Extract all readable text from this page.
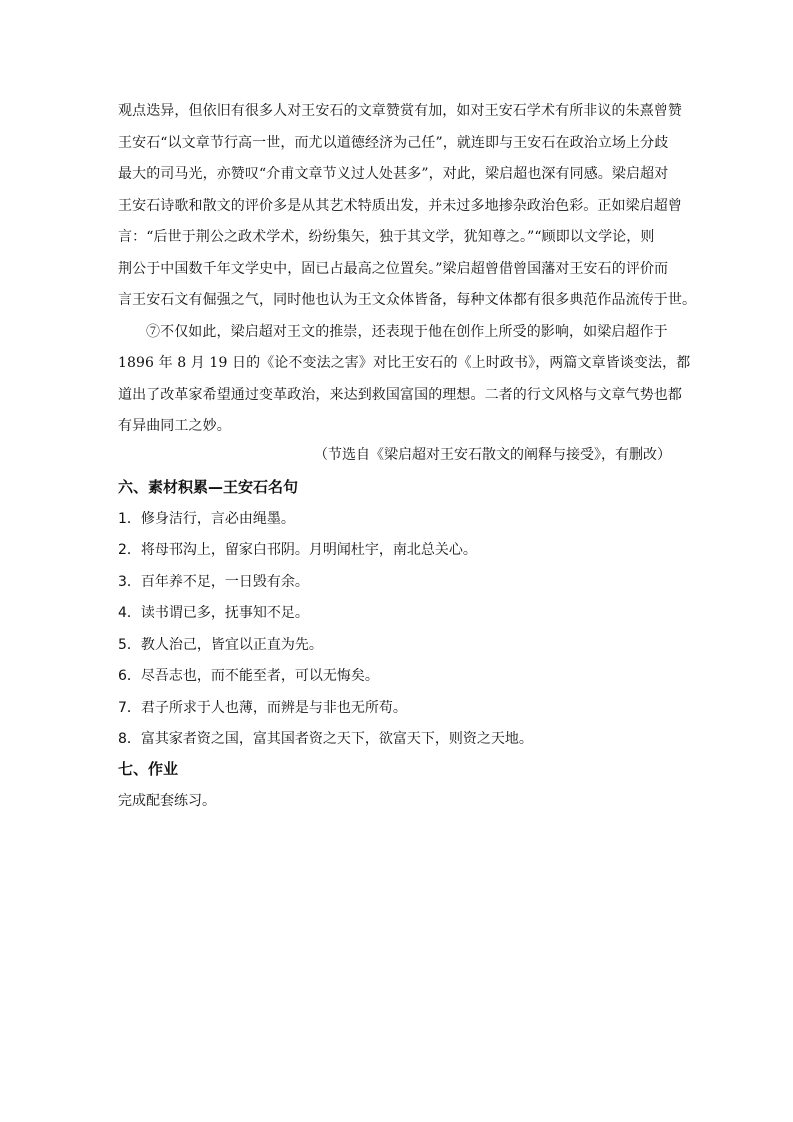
观点迭异，但依旧有很多人对王安石的文章赞赏有加，如对王安石学术有所非议的朱熹曾赞
王安石“以文章节行高一世，而尤以道德经济为己任”，就连即与王安石在政治立场上分歧
最大的司马光，亦赞叹“介甫文章节义过人处甚多”，对此，梁启超也深有同感。梁启超对
王安石诗歌和散文的评价多是从其艺术特质出发，并未过多地掺杂政治色彩。正如梁启超曾
言：“后世于荆公之政术学术，纷纷集矢，独于其文学，犹知尊之。”“顾即以文学论，则
荆公于中国数千年文学史中，固已占最高之位置矣。”梁启超曾借曾国藩对王安石的评价而
言王安石文有倔强之气，同时他也认为王文众体皆备，每种文体都有很多典范作品流传于世。
⑦不仅如此，梁启超对王文的推崇，还表现于他在创作上所受的影响，如梁启超作于
1896 年 8 月 19 日的《论不变法之害》对比王安石的《上时政书》，两篇文章皆谈变法，都
道出了改革家希望通过变革政治，来达到救国富国的理想。二者的行文风格与文章气势也都
有异曲同工之妙。
（节选自《梁启超对王安石散文的阐释与接受》，有删改）
六、素材积累—王安石名句
1．修身洁行，言必由绳墨。
2．将母邗沟上，留家白邗阴。月明闻杜宇，南北总关心。
3．百年养不足，一日毁有余。
4．读书谓已多，抚事知不足。
5．教人治己，皆宜以正直为先。
6．尽吾志也，而不能至者，可以无悔矣。
7．君子所求于人也薄，而辨是与非也无所苟。
8．富其家者资之国，富其国者资之天下，欲富天下，则资之天地。
七、作业
完成配套练习。
